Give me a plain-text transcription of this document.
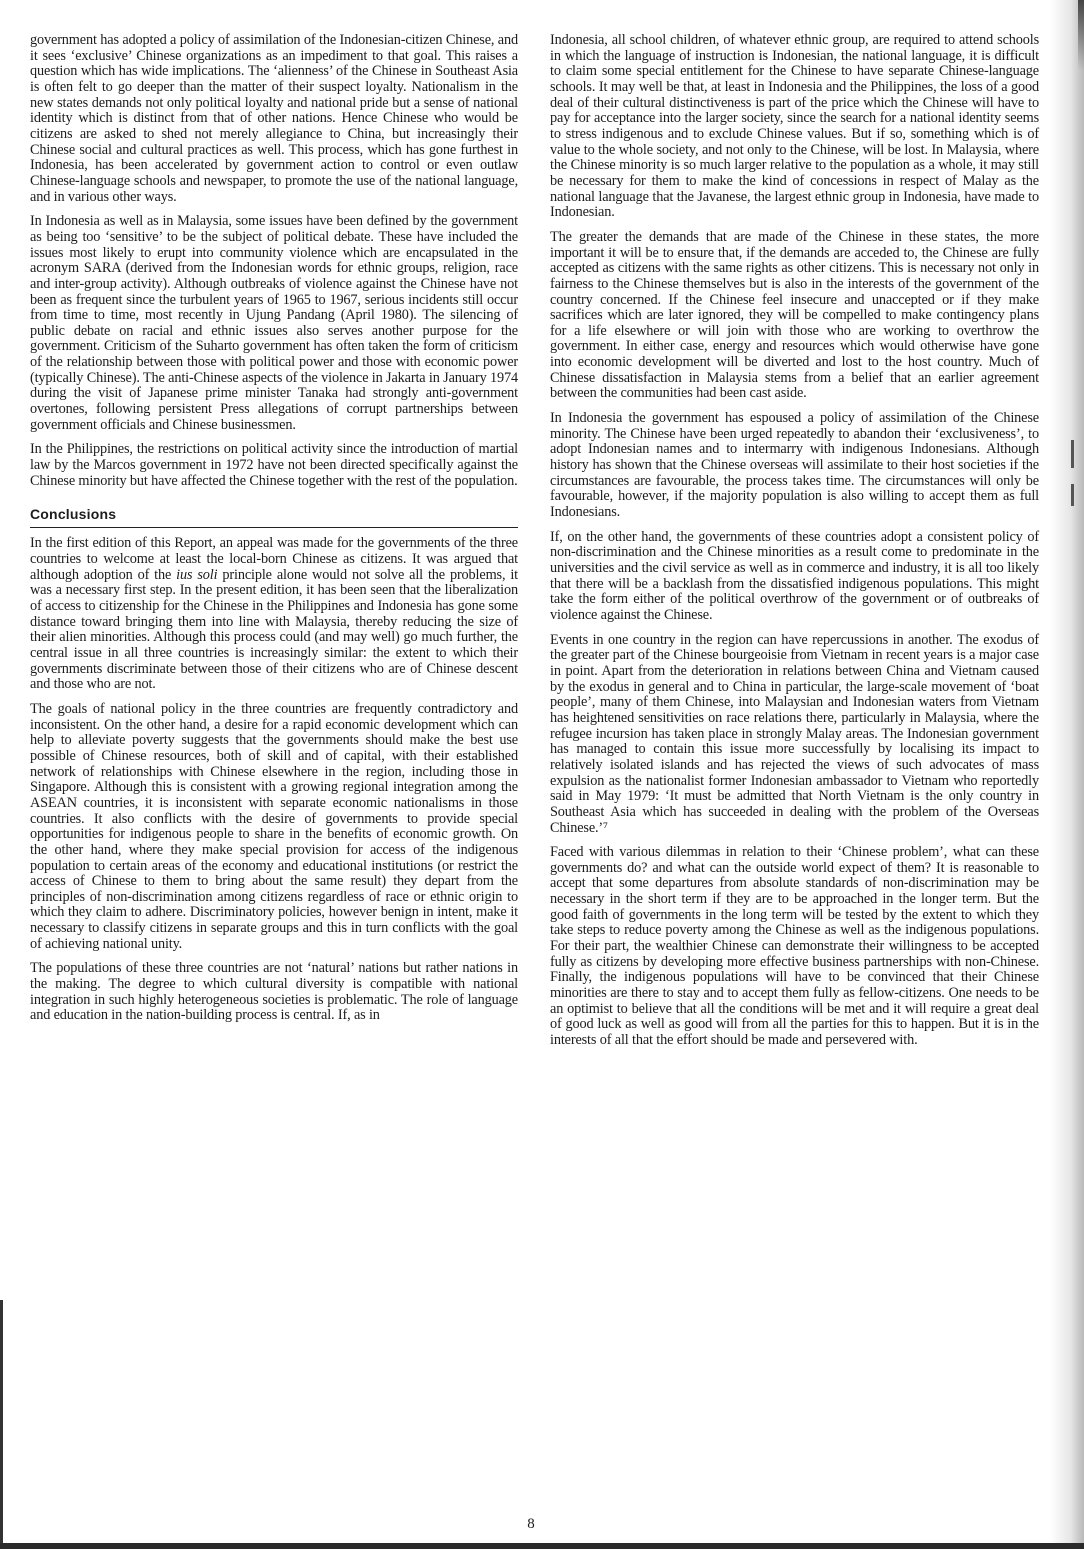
government has adopted a policy of assimilation of the Indonesian-citizen Chinese, and it sees ‘exclusive’ Chinese organizations as an impediment to that goal. This raises a question which has wide implications. The ‘alienness’ of the Chinese in Southeast Asia is often felt to go deeper than the matter of their suspect loyalty. Nationalism in the new states demands not only political loyalty and national pride but a sense of national identity which is distinct from that of other nations. Hence Chinese who would be citizens are asked to shed not merely allegiance to China, but increasingly their Chinese social and cultural practices as well. This process, which has gone furthest in Indonesia, has been accelerated by government action to control or even outlaw Chinese-language schools and newspaper, to promote the use of the national language, and in various other ways.

In Indonesia as well as in Malaysia, some issues have been defined by the government as being too ‘sensitive’ to be the subject of political debate. These have included the issues most likely to erupt into community violence which are encapsulated in the acronym SARA (derived from the Indonesian words for ethnic groups, religion, race and inter-group activity). Although outbreaks of violence against the Chinese have not been as frequent since the turbulent years of 1965 to 1967, serious incidents still occur from time to time, most recently in Ujung Pandang (April 1980). The silencing of public debate on racial and ethnic issues also serves another purpose for the government. Criticism of the Suharto government has often taken the form of criticism of the relationship between those with political power and those with economic power (typically Chinese). The anti-Chinese aspects of the violence in Jakarta in January 1974 during the visit of Japanese prime minister Tanaka had strongly anti-government overtones, following persistent Press allegations of corrupt partnerships between government officials and Chinese businessmen.

In the Philippines, the restrictions on political activity since the introduction of martial law by the Marcos government in 1972 have not been directed specifically against the Chinese minority but have affected the Chinese together with the rest of the population.

Conclusions

In the first edition of this Report, an appeal was made for the governments of the three countries to welcome at least the local-born Chinese as citizens. It was argued that although adoption of the ius soli principle alone would not solve all the problems, it was a necessary first step. In the present edition, it has been seen that the liberalization of access to citizenship for the Chinese in the Philippines and Indonesia has gone some distance toward bringing them into line with Malaysia, thereby reducing the size of their alien minorities. Although this process could (and may well) go much further, the central issue in all three countries is increasingly similar: the extent to which their governments discriminate between those of their citizens who are of Chinese descent and those who are not.

The goals of national policy in the three countries are frequently contradictory and inconsistent. On the other hand, a desire for a rapid economic development which can help to alleviate poverty suggests that the governments should make the best use possible of Chinese resources, both of skill and of capital, with their established network of relationships with Chinese elsewhere in the region, including those in Singapore. Although this is consistent with a growing regional integration among the ASEAN countries, it is inconsistent with separate economic nationalisms in those countries. It also conflicts with the desire of governments to provide special opportunities for indigenous people to share in the benefits of economic growth. On the other hand, where they make special provision for access of the indigenous population to certain areas of the economy and educational institutions (or restrict the access of Chinese to them to bring about the same result) they depart from the principles of non-discrimination among citizens regardless of race or ethnic origin to which they claim to adhere. Discriminatory policies, however benign in intent, make it necessary to classify citizens in separate groups and this in turn conflicts with the goal of achieving national unity.

The populations of these three countries are not ‘natural’ nations but rather nations in the making. The degree to which cultural diversity is compatible with national integration in such highly heterogeneous societies is problematic. The role of language and education in the nation-building process is central. If, as in

Indonesia, all school children, of whatever ethnic group, are required to attend schools in which the language of instruction is Indonesian, the national language, it is difficult to claim some special entitlement for the Chinese to have separate Chinese-language schools. It may well be that, at least in Indonesia and the Philippines, the loss of a good deal of their cultural distinctiveness is part of the price which the Chinese will have to pay for acceptance into the larger society, since the search for a national identity seems to stress indigenous and to exclude Chinese values. But if so, something which is of value to the whole society, and not only to the Chinese, will be lost. In Malaysia, where the Chinese minority is so much larger relative to the population as a whole, it may still be necessary for them to make the kind of concessions in respect of Malay as the national language that the Javanese, the largest ethnic group in Indonesia, have made to Indonesian.

The greater the demands that are made of the Chinese in these states, the more important it will be to ensure that, if the demands are acceded to, the Chinese are fully accepted as citizens with the same rights as other citizens. This is necessary not only in fairness to the Chinese themselves but is also in the interests of the government of the country concerned. If the Chinese feel insecure and unaccepted or if they make sacrifices which are later ignored, they will be compelled to make contingency plans for a life elsewhere or will join with those who are working to overthrow the government. In either case, energy and resources which would otherwise have gone into economic development will be diverted and lost to the host country. Much of Chinese dissatisfaction in Malaysia stems from a belief that an earlier agreement between the communities had been cast aside.

In Indonesia the government has espoused a policy of assimilation of the Chinese minority. The Chinese have been urged repeatedly to abandon their ‘exclusiveness’, to adopt Indonesian names and to intermarry with indigenous Indonesians. Although history has shown that the Chinese overseas will assimilate to their host societies if the circumstances are favourable, the process takes time. The circumstances will only be favourable, however, if the majority population is also willing to accept them as full Indonesians.

If, on the other hand, the governments of these countries adopt a consistent policy of non-discrimination and the Chinese minorities as a result come to predominate in the universities and the civil service as well as in commerce and industry, it is all too likely that there will be a backlash from the dissatisfied indigenous populations. This might take the form either of the political overthrow of the government or of outbreaks of violence against the Chinese.

Events in one country in the region can have repercussions in another. The exodus of the greater part of the Chinese bourgeoisie from Vietnam in recent years is a major case in point. Apart from the deterioration in relations between China and Vietnam caused by the exodus in general and to China in particular, the large-scale movement of ‘boat people’, many of them Chinese, into Malaysian and Indonesian waters from Vietnam has heightened sensitivities on race relations there, particularly in Malaysia, where the refugee incursion has taken place in strongly Malay areas. The Indonesian government has managed to contain this issue more successfully by localising its impact to relatively isolated islands and has rejected the views of such advocates of mass expulsion as the nationalist former Indonesian ambassador to Vietnam who reportedly said in May 1979: ‘It must be admitted that North Vietnam is the only country in Southeast Asia which has succeeded in dealing with the problem of the Overseas Chinese.’⁷

Faced with various dilemmas in relation to their ‘Chinese problem’, what can these governments do? and what can the outside world expect of them? It is reasonable to accept that some departures from absolute standards of non-discrimination may be necessary in the short term if they are to be approached in the longer term. But the good faith of governments in the long term will be tested by the extent to which they take steps to reduce poverty among the Chinese as well as the indigenous populations. For their part, the wealthier Chinese can demonstrate their willingness to be accepted fully as citizens by developing more effective business partnerships with non-Chinese. Finally, the indigenous populations will have to be convinced that their Chinese minorities are there to stay and to accept them fully as fellow-citizens. One needs to be an optimist to believe that all the conditions will be met and it will require a great deal of good luck as well as good will from all the parties for this to happen. But it is in the interests of all that the effort should be made and persevered with.

8
